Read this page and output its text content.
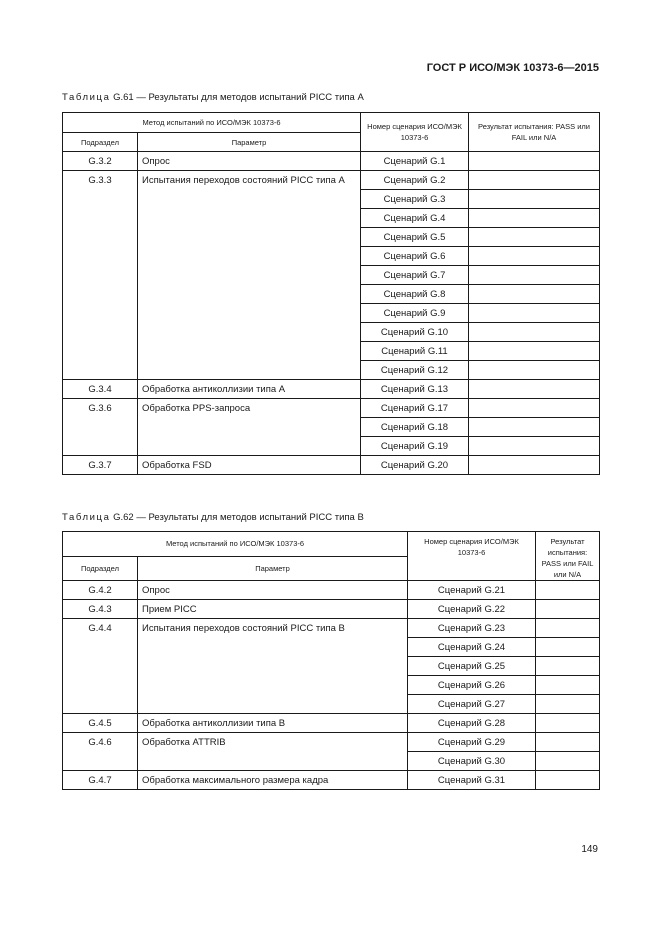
ГОСТ Р ИСО/МЭК 10373-6—2015
Таблица G.61 — Результаты для методов испытаний PICC типа А
Метод испытаний по ИСО/МЭК 10373-6		Номер сценария ИСО/МЭК 10373-6	Результат испытания: PASS или FAIL или N/A
Подраздел	Параметр		
G.3.2	Опрос	Сценарий G.1	
G.3.3	Испытания переходов состояний PICC типа А	Сценарий G.2	
		Сценарий G.3	
		Сценарий G.4	
		Сценарий G.5	
		Сценарий G.6	
		Сценарий G.7	
		Сценарий G.8	
		Сценарий G.9	
		Сценарий G.10	
		Сценарий G.11	
		Сценарий G.12	
G.3.4	Обработка антиколлизии типа А	Сценарий G.13	
G.3.6	Обработка PPS-запроса	Сценарий G.17	
		Сценарий G.18	
		Сценарий G.19	
G.3.7	Обработка FSD	Сценарий G.20	
Таблица G.62 — Результаты для методов испытаний PICC типа В
Метод испытаний по ИСО/МЭК 10373-6		Номер сценария ИСО/МЭК 10373-6	Результат испытания: PASS или FAIL или N/A
Подраздел	Параметр		
G.4.2	Опрос	Сценарий G.21	
G.4.3	Прием PICC	Сценарий G.22	
G.4.4	Испытания переходов состояний PICC типа В	Сценарий G.23	
		Сценарий G.24	
		Сценарий G.25	
		Сценарий G.26	
		Сценарий G.27	
G.4.5	Обработка антиколлизии типа В	Сценарий G.28	
G.4.6	Обработка ATTRIB	Сценарий G.29	
		Сценарий G.30	
G.4.7	Обработка максимального размера кадра	Сценарий G.31	
149
